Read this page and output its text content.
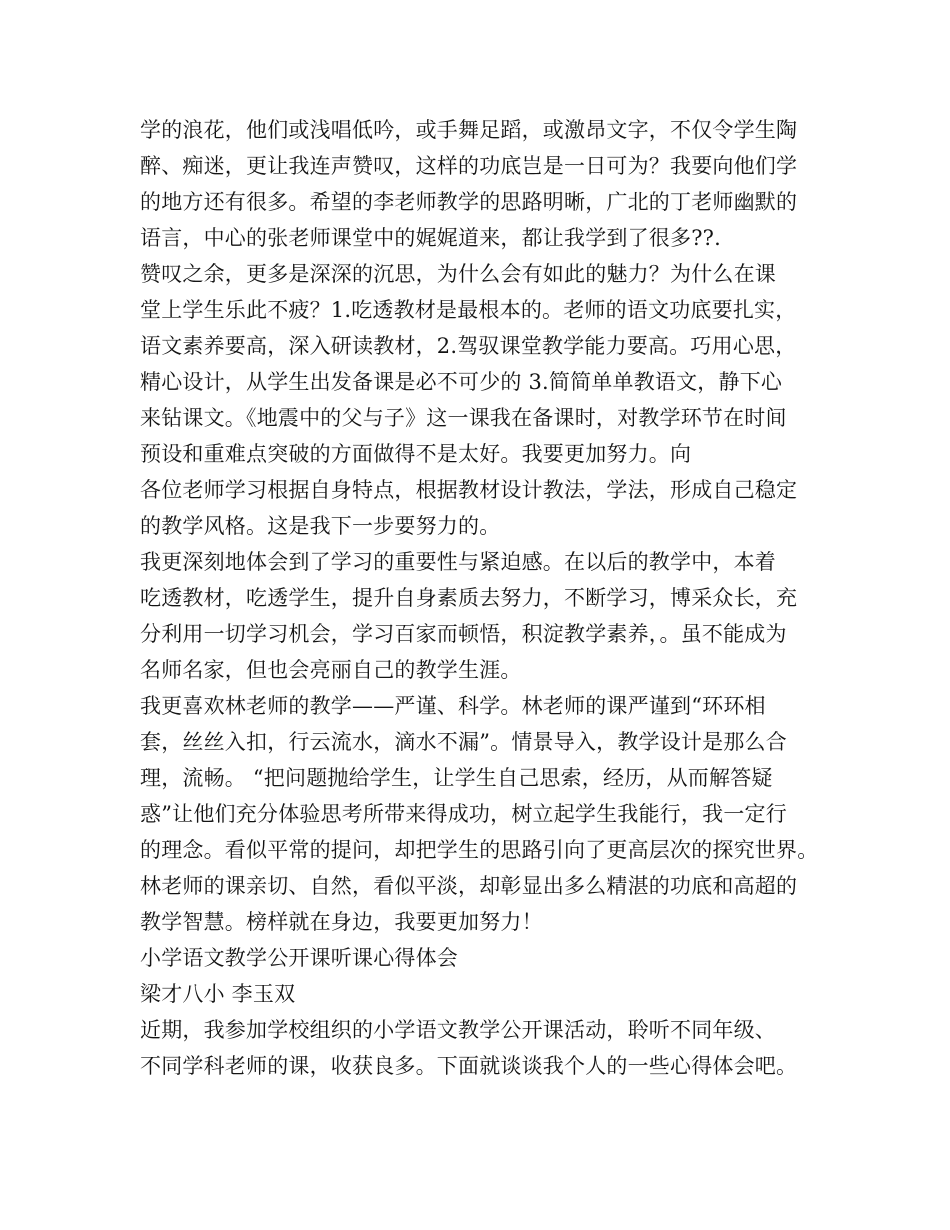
学的浪花，他们或浅唱低吟，或手舞足蹈，或激昂文字，不仅令学生陶
醉、痴迷，更让我连声赞叹，这样的功底岂是一日可为？我要向他们学
的地方还有很多。希望的李老师教学的思路明晰，广北的丁老师幽默的
语言，中心的张老师课堂中的娓娓道来，都让我学到了很多??.
赞叹之余，更多是深深的沉思，为什么会有如此的魅力？为什么在课
堂上学生乐此不疲？1.吃透教材是最根本的。老师的语文功底要扎实，
语文素养要高，深入研读教材，2.驾驭课堂教学能力要高。巧用心思，
精心设计，从学生出发备课是必不可少的 3.简简单单教语文，静下心
来钻课文。《地震中的父与子》这一课我在备课时，对教学环节在时间
预设和重难点突破的方面做得不是太好。我要更加努力。向
各位老师学习根据自身特点，根据教材设计教法，学法，形成自己稳定
的教学风格。这是我下一步要努力的。
我更深刻地体会到了学习的重要性与紧迫感。在以后的教学中，本着
吃透教材，吃透学生，提升自身素质去努力，不断学习，博采众长，充
分利用一切学习机会，学习百家而顿悟，积淀教学素养，。虽不能成为
名师名家，但也会亮丽自己的教学生涯。
我更喜欢林老师的教学——严谨、科学。林老师的课严谨到“环环相
套，丝丝入扣，行云流水，滴水不漏”。情景导入，教学设计是那么合
理，流畅。 “把问题抛给学生，让学生自己思索，经历，从而解答疑
惑”让他们充分体验思考所带来得成功，树立起学生我能行，我一定行
的理念。看似平常的提问，却把学生的思路引向了更高层次的探究世界。
林老师的课亲切、自然，看似平淡，却彰显出多么精湛的功底和高超的
教学智慧。榜样就在身边，我要更加努力！
小学语文教学公开课听课心得体会
梁才八小 李玉双
近期，我参加学校组织的小学语文教学公开课活动，聆听不同年级、
不同学科老师的课，收获良多。下面就谈谈我个人的一些心得体会吧。
